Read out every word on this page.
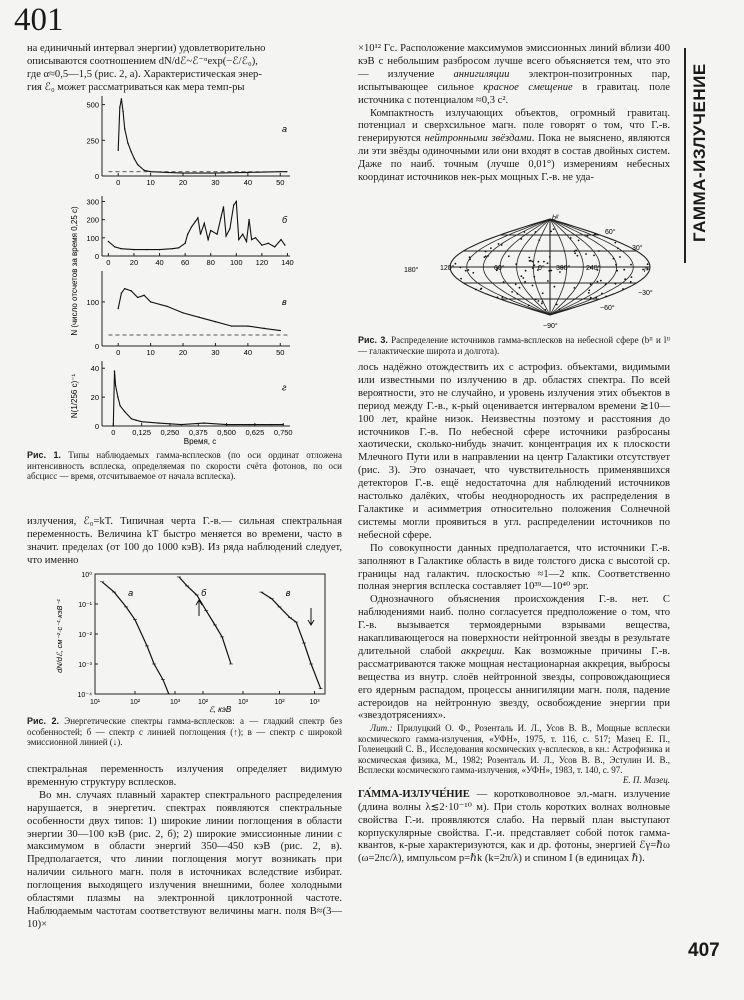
401

на единичный интервал энергии) удовлетворительно

описываются соотношением dN/dℰ~ℰ⁻ᵅexp(−ℰ/ℰ₀),

где α≈0,5—1,5 (рис. 2, а). Характеристическая энер-

гия ℰ₀ может рассматриваться как мера темп-ры

0
250
500
0	10	20	30	40	50
а
0
100
200
300
0	20 40 60 80 100 120 140
б
0
100
0	10	20	30	40	50
в
0
20
40
0 0,125 0,250 0,375 0,500 0,625 0,750
г
N (число отсчетов за время 0,25 с)
N(1/256 с)⁻¹
Время, с
Рис. 1. Типы наблюдаемых гамма-всплесков (по оси ординат отложена интенсивность всплеска, определяемая по скорости счёта фотонов, по оси абсцисс — время, отсчитываемое от начала всплеска).

излучения, ℰ₀=kT. Типичная черта Г.-в.— сильная спектральная переменность. Величина kT быстро меняется во времени, часто в значит. пределах (от 100 до 1000 кэВ). Из ряда наблюдений следует, что именно

10⁰
10⁻¹
10⁻²
10⁻³
10⁻⁴
10¹	10²	10³
а
10²	10³
б
10²	10³
в
dN/dℰ, см⁻²·с⁻¹·кэВ⁻¹
ℰ, кэВ
Рис. 2. Энергетические спектры гамма-всплесков: а — гладкий спектр без особенностей; б — спектр с линией поглощения (↑); в — спектр с широкой эмиссионной линией (↓).

спектральная переменность излучения определяет видимую временну́ю структуру всплесков.

Во мн. случаях плавный характер спектрального распределения нарушается, в энергетич. спектрах появляются спектральные особенности двух типов: 1) широкие линии поглощения в области энергии 30—100 кэВ (рис. 2, б); 2) широкие эмиссионные линии с максимумом в области энергий 350—450 кэВ (рис. 2, в). Предполагается, что линии поглощения могут возникать при наличии сильного магн. поля в источниках вследствие избират. поглощения выходящего излучения внешними, более холодными областями плазмы на электронной циклотронной частоте. Наблюдаемым частотам соответствуют величины магн. поля B≈(3—10)×

×10¹² Гс. Расположение максимумов эмиссионных линий вблизи 400 кэВ с небольшим разбросом лучше всего объясняется тем, что это — излучение аннигиляции электрон-позитронных пар, испытывающее сильное красное смещение в гравитац. поле источника с потенциалом ≈0,3 c².

Компактность излучающих объектов, огромный гравитац. потенциал и сверхсильное магн. поле говорят о том, что Г.-в. генерируются нейтронными звёздами. Пока не выяснено, являются ли эти звёзды одиночными или они входят в состав двойных систем. Даже по наиб. точным (лучше 0,01°) измерениям небесных координат источников нек-рых мощных Г.-в. не уда-

bᴵᴵ
lᴵᴵ
60°
30°
−30°
−60°
−90°
180°	120°	60°	0° 300° 240°
Рис. 3. Распределение источников гамма-всплесков на небесной сфере (bᴵᴵ и lᴵᴵ — галактические широта и долгота).

лось надёжно отождествить их с астрофиз. объектами, видимыми или известными по излучению в др. областях спектра. По всей вероятности, это не случайно, и уровень излучения этих объектов в период между Г.-в., к-рый оценивается интервалом времени ≳10—100 лет, крайне низок. Неизвестны поэтому и расстояния до источников Г.-в. По небесной сфере источники разбросаны хаотически, сколько-нибудь значит. концентрация их к плоскости Млечного Пути или в направлении на центр Галактики отсутствует (рис. 3). Это означает, что чувствительность применявшихся детекторов Г.-в. ещё недостаточна для наблюдений источников настолько далёких, чтобы неоднородность их распределения в Галактике и асимметрия относительно положения Солнечной системы могли проявиться в угл. распределении источников по небесной сфере.

По совокупности данных предполагается, что источники Г.-в. заполняют в Галактике область в виде толстого диска с высотой ср. границы над галактич. плоскостью ≈1—2 кпк. Соответственно полная энергия всплеска составляет 10³⁹—10⁴⁰ эрг.

Однозначного объяснения происхождения Г.-в. нет. С наблюдениями наиб. полно согласуется предположение о том, что Г.-в. вызывается термоядерными взрывами вещества, накапливающегося на поверхности нейтронной звезды в результате длительной слабой аккреции. Как возможные причины Г.-в. рассматриваются также мощная нестационарная аккреция, выбросы вещества из внутр. слоёв нейтронной звезды, сопровождающиеся его ядерным распадом, процессы аннигиляции магн. поля, падение астероидов на нейтронную звезду, освобождение энергии при «звездотрясениях».

Лит.: Прилуцкий О. Ф., Розенталь И. Л., Усов В. В., Мощные всплески космического гамма-излучения, «УФН», 1975, т. 116, с. 517; Мазец Е. П., Голенецкий С. В., Исследования космических γ-всплесков, в кн.: Астрофизика и космическая физика, М., 1982; Розенталь И. Л., Усов В. В., Эстулин И. В., Всплески космического гамма-излучения, «УФН», 1983, т. 140, с. 97.

Е. П. Мазец.

ГА́ММА-ИЗЛУЧЕ́НИЕ — коротковолновое эл.-магн. излучение (длина волны λ≲2·10⁻¹⁰ м). При столь коротких волнах волновые свойства Г.-и. проявляются слабо. На первый план выступают корпускулярные свойства. Г.-и. представляет собой поток гамма-квантов, к-рые характеризуются, как и др. фотоны, энергией ℰγ=ℏω (ω=2πc/λ), импульсом p=ℏk (k=2π/λ) и спином I (в единицах ℏ).

ГАММА-ИЗЛУЧЕНИЕ
407
